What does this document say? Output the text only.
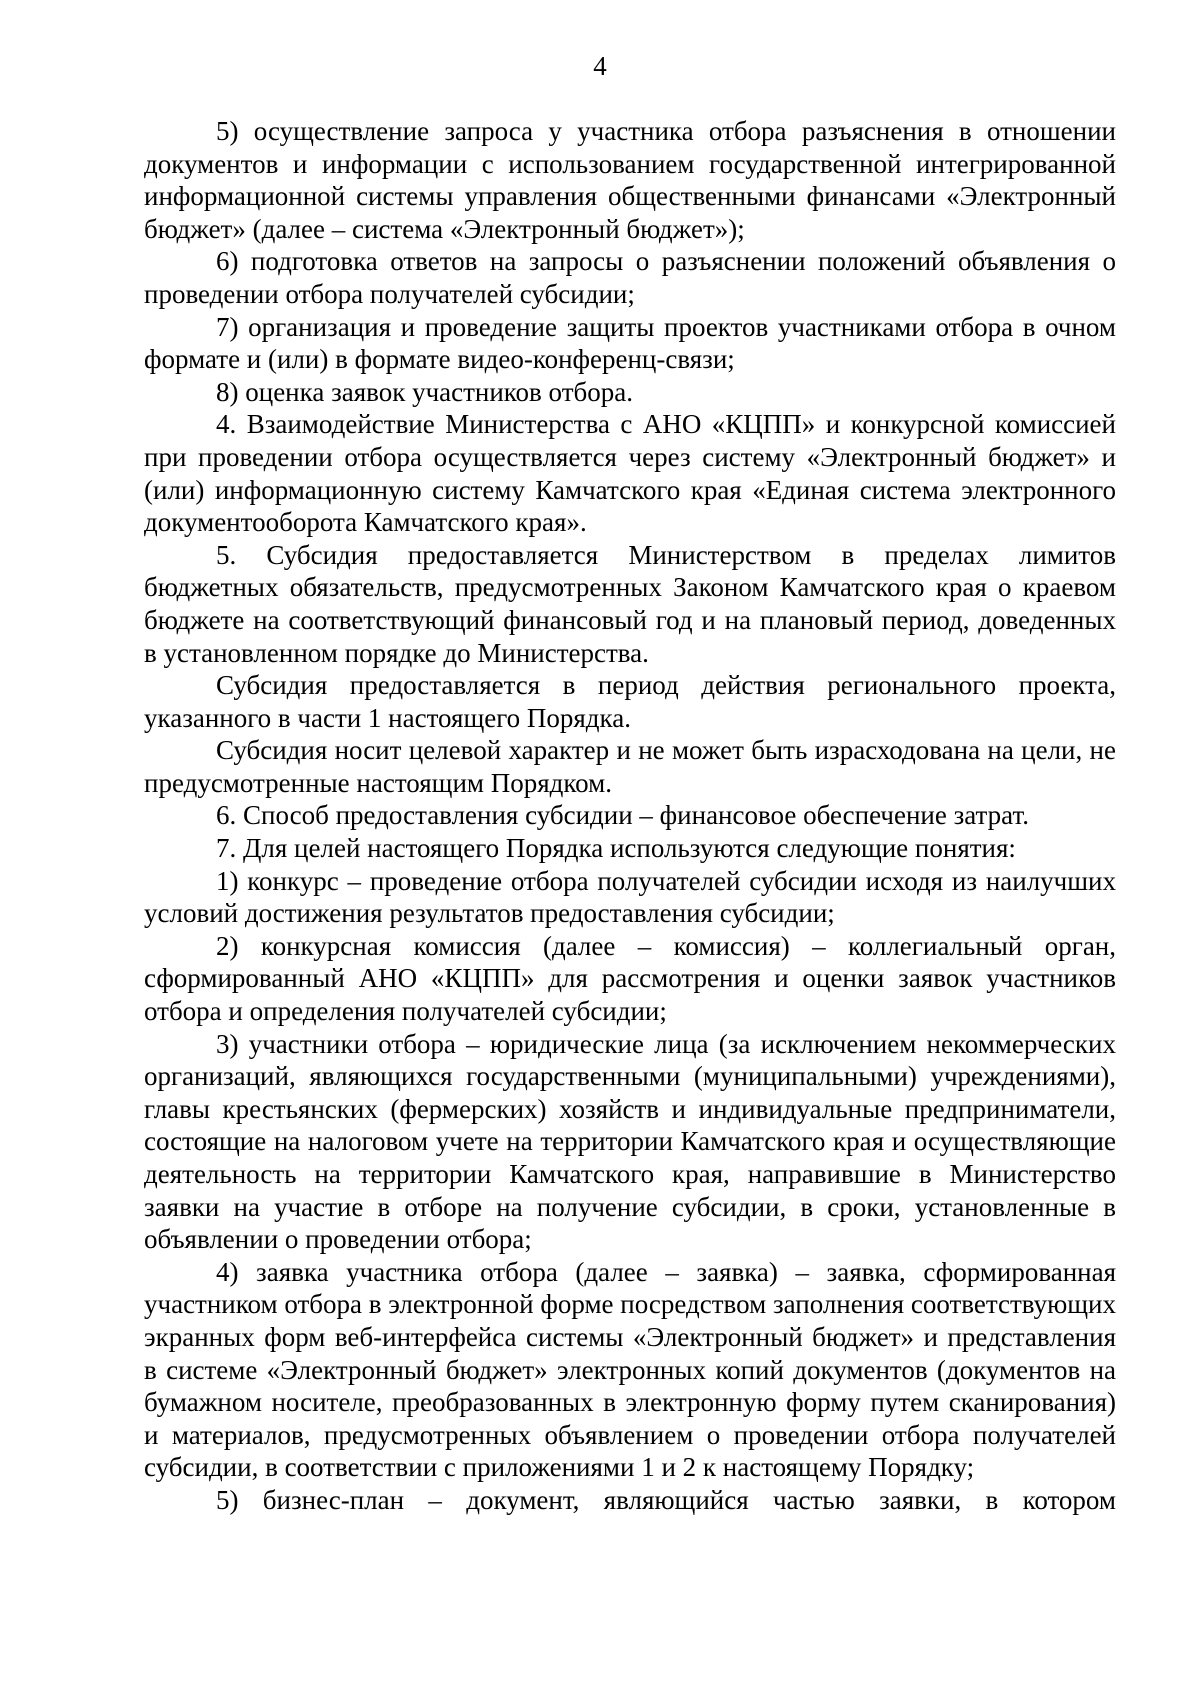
4

5) осуществление запроса у участника отбора разъяснения в отношении документов и информации с использованием государственной интегрированной информационной системы управления общественными финансами «Электронный бюджет» (далее – система «Электронный бюджет»);

6) подготовка ответов на запросы о разъяснении положений объявления о проведении отбора получателей субсидии;

7) организация и проведение защиты проектов участниками отбора в очном формате и (или) в формате видео-конференц-связи;

8) оценка заявок участников отбора.

4. Взаимодействие Министерства с АНО «КЦПП» и конкурсной комиссией при проведении отбора осуществляется через систему «Электронный бюджет» и (или) информационную систему Камчатского края «Единая система электронного документооборота Камчатского края».

5. Субсидия предоставляется Министерством в пределах лимитов бюджетных обязательств, предусмотренных Законом Камчатского края о краевом бюджете на соответствующий финансовый год и на плановый период, доведенных в установленном порядке до Министерства.

Субсидия предоставляется в период действия регионального проекта, указанного в части 1 настоящего Порядка.

Субсидия носит целевой характер и не может быть израсходована на цели, не предусмотренные настоящим Порядком.

6. Способ предоставления субсидии – финансовое обеспечение затрат.

7. Для целей настоящего Порядка используются следующие понятия:

1) конкурс – проведение отбора получателей субсидии исходя из наилучших условий достижения результатов предоставления субсидии;

2) конкурсная комиссия (далее – комиссия) – коллегиальный орган, сформированный АНО «КЦПП» для рассмотрения и оценки заявок участников отбора и определения получателей субсидии;

3) участники отбора – юридические лица (за исключением некоммерческих организаций, являющихся государственными (муниципальными) учреждениями), главы крестьянских (фермерских) хозяйств и индивидуальные предприниматели, состоящие на налоговом учете на территории Камчатского края и осуществляющие деятельность на территории Камчатского края, направившие в Министерство заявки на участие в отборе на получение субсидии, в сроки, установленные в объявлении о проведении отбора;

4) заявка участника отбора (далее – заявка) – заявка, сформированная участником отбора в электронной форме посредством заполнения соответствующих экранных форм веб-интерфейса системы «Электронный бюджет» и представления в системе «Электронный бюджет» электронных копий документов (документов на бумажном носителе, преобразованных в электронную форму путем сканирования) и материалов, предусмотренных объявлением о проведении отбора получателей субсидии, в соответствии с приложениями 1 и 2 к настоящему Порядку;

5) бизнес-план – документ, являющийся частью заявки, в котором
